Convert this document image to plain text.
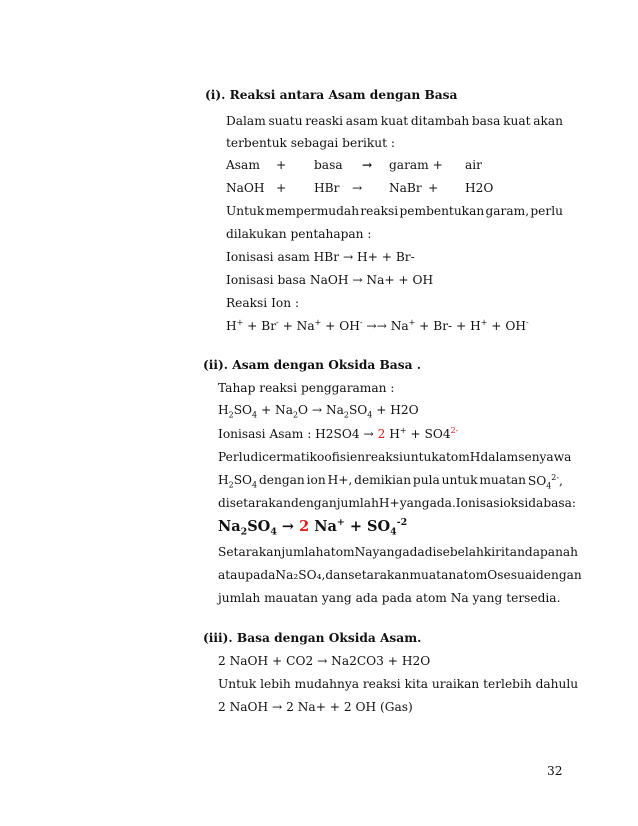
(i). Reaksi antara Asam dengan Basa
Dalam suatu reaski asam kuat ditambah basa kuat akan
terbentuk sebagai berikut :
Asam + basa → garam + air
NaOH + HBr → NaBr + H2O
Untuk mempermudah reaksi pembentukan garam, perlu
dilakukan pentahapan :
Ionisasi asam HBr → H+ + Br-
Ionisasi basa NaOH → Na+ + OH
Reaksi Ion :
H+ + Br- + Na+ + OH- →→ Na+ + Br- + H+ + OH-
(ii). Asam dengan Oksida Basa .
Tahap reaksi penggaraman :
$H_2SO_4 + Na_2O \to Na_2SO_4 + H2O$
Ionisasi Asam : H2SO4 → 2 $H^+ + SO4^{2-}$
Perlu dicermati koofisien reaksi untuk atom H dalam senyawa
$H_2SO_4$ dengan ion H+, demikian pula untuk muatan $SO_4^{2-}$,
disetarakan dengan jumlah H+ yang ada. Ionisasi oksida basa :
$Na_2SO_4 \to 2$ $Na^+ + SO_4^{-2}$
Setarakan jumlah atom Na yang ada disebelah kiri tanda panah
atau pada Na₂SO₄, dan setarakan muatan atom O sesuai dengan
jumlah mauatan yang ada pada atom Na yang tersedia.
(iii). Basa dengan Oksida Asam.
2 NaOH + CO2 → Na2CO3 + H2O
Untuk lebih mudahnya reaksi kita uraikan terlebih dahulu
2 NaOH → 2 Na+ + 2 OH (Gas)
32
